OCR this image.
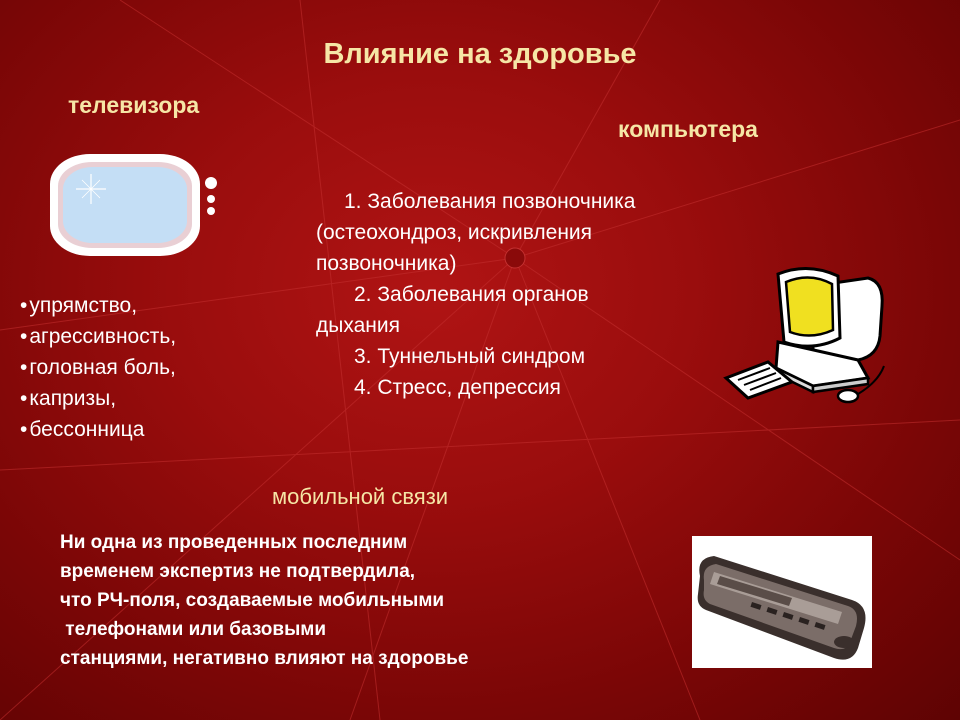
Влияние на здоровье
телевизора
компьютера
• упрямство,
• агрессивность,
• головная боль,
• капризы,
• бессонница
1. Заболевания позвоночника
(остеохондроз, искривления
позвоночника)
2. Заболевания органов
дыхания
3. Туннельный синдром
4. Стресс, депрессия
мобильной связи
Ни одна из проведенных последним
временем экспертиз не подтвердила,
что РЧ-поля, создаваемые мобильными
телефонами или базовыми
станциями, негативно влияют на здоровье
